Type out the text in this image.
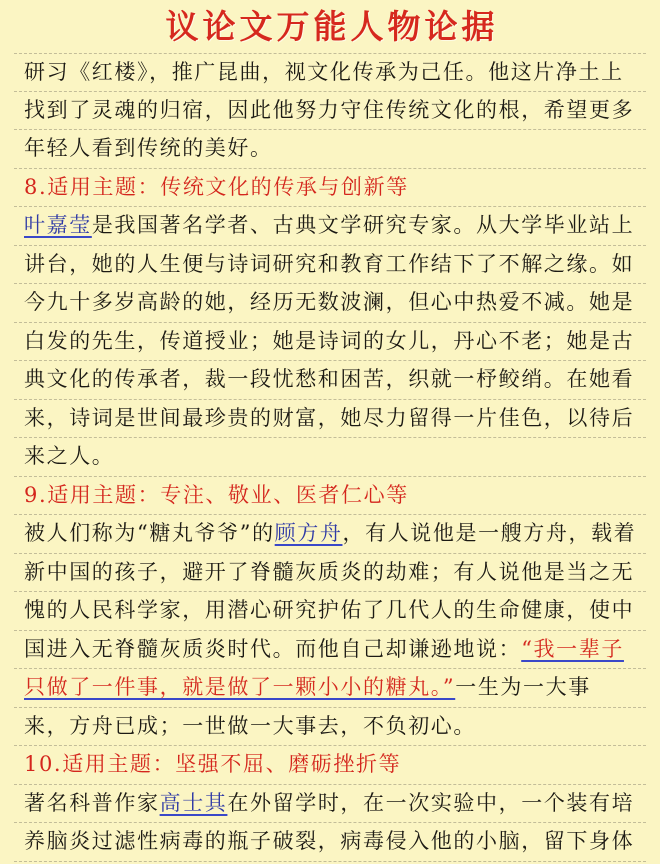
议论文万能人物论据
研习《红楼》，推广昆曲，视文化传承为己任。他这片净土上
找到了灵魂的归宿，因此他努力守住传统文化的根，希望更多
年轻人看到传统的美好。
8.适用主题：传统文化的传承与创新等
叶嘉莹是我国著名学者、古典文学研究专家。从大学毕业站上
讲台，她的人生便与诗词研究和教育工作结下了不解之缘。如
今九十多岁高龄的她，经历无数波澜，但心中热爱不减。她是
白发的先生，传道授业；她是诗词的女儿，丹心不老；她是古
典文化的传承者，裁一段忧愁和困苦，织就一杼鲛绡。在她看
来，诗词是世间最珍贵的财富，她尽力留得一片佳色，以待后
来之人。
9.适用主题：专注、敬业、医者仁心等
被人们称为“糖丸爷爷”的顾方舟，有人说他是一艘方舟，载着
新中国的孩子，避开了脊髓灰质炎的劫难；有人说他是当之无
愧的人民科学家，用潜心研究护佑了几代人的生命健康，使中
国进入无脊髓灰质炎时代。而他自己却谦逊地说：“我一辈子
只做了一件事，就是做了一颗小小的糖丸。”一生为一大事
来，方舟已成；一世做一大事去，不负初心。
10.适用主题：坚强不屈、磨砺挫折等
著名科普作家高士其在外留学时，在一次实验中，一个装有培
养脑炎过滤性病毒的瓶子破裂，病毒侵入他的小脑，留下身体
